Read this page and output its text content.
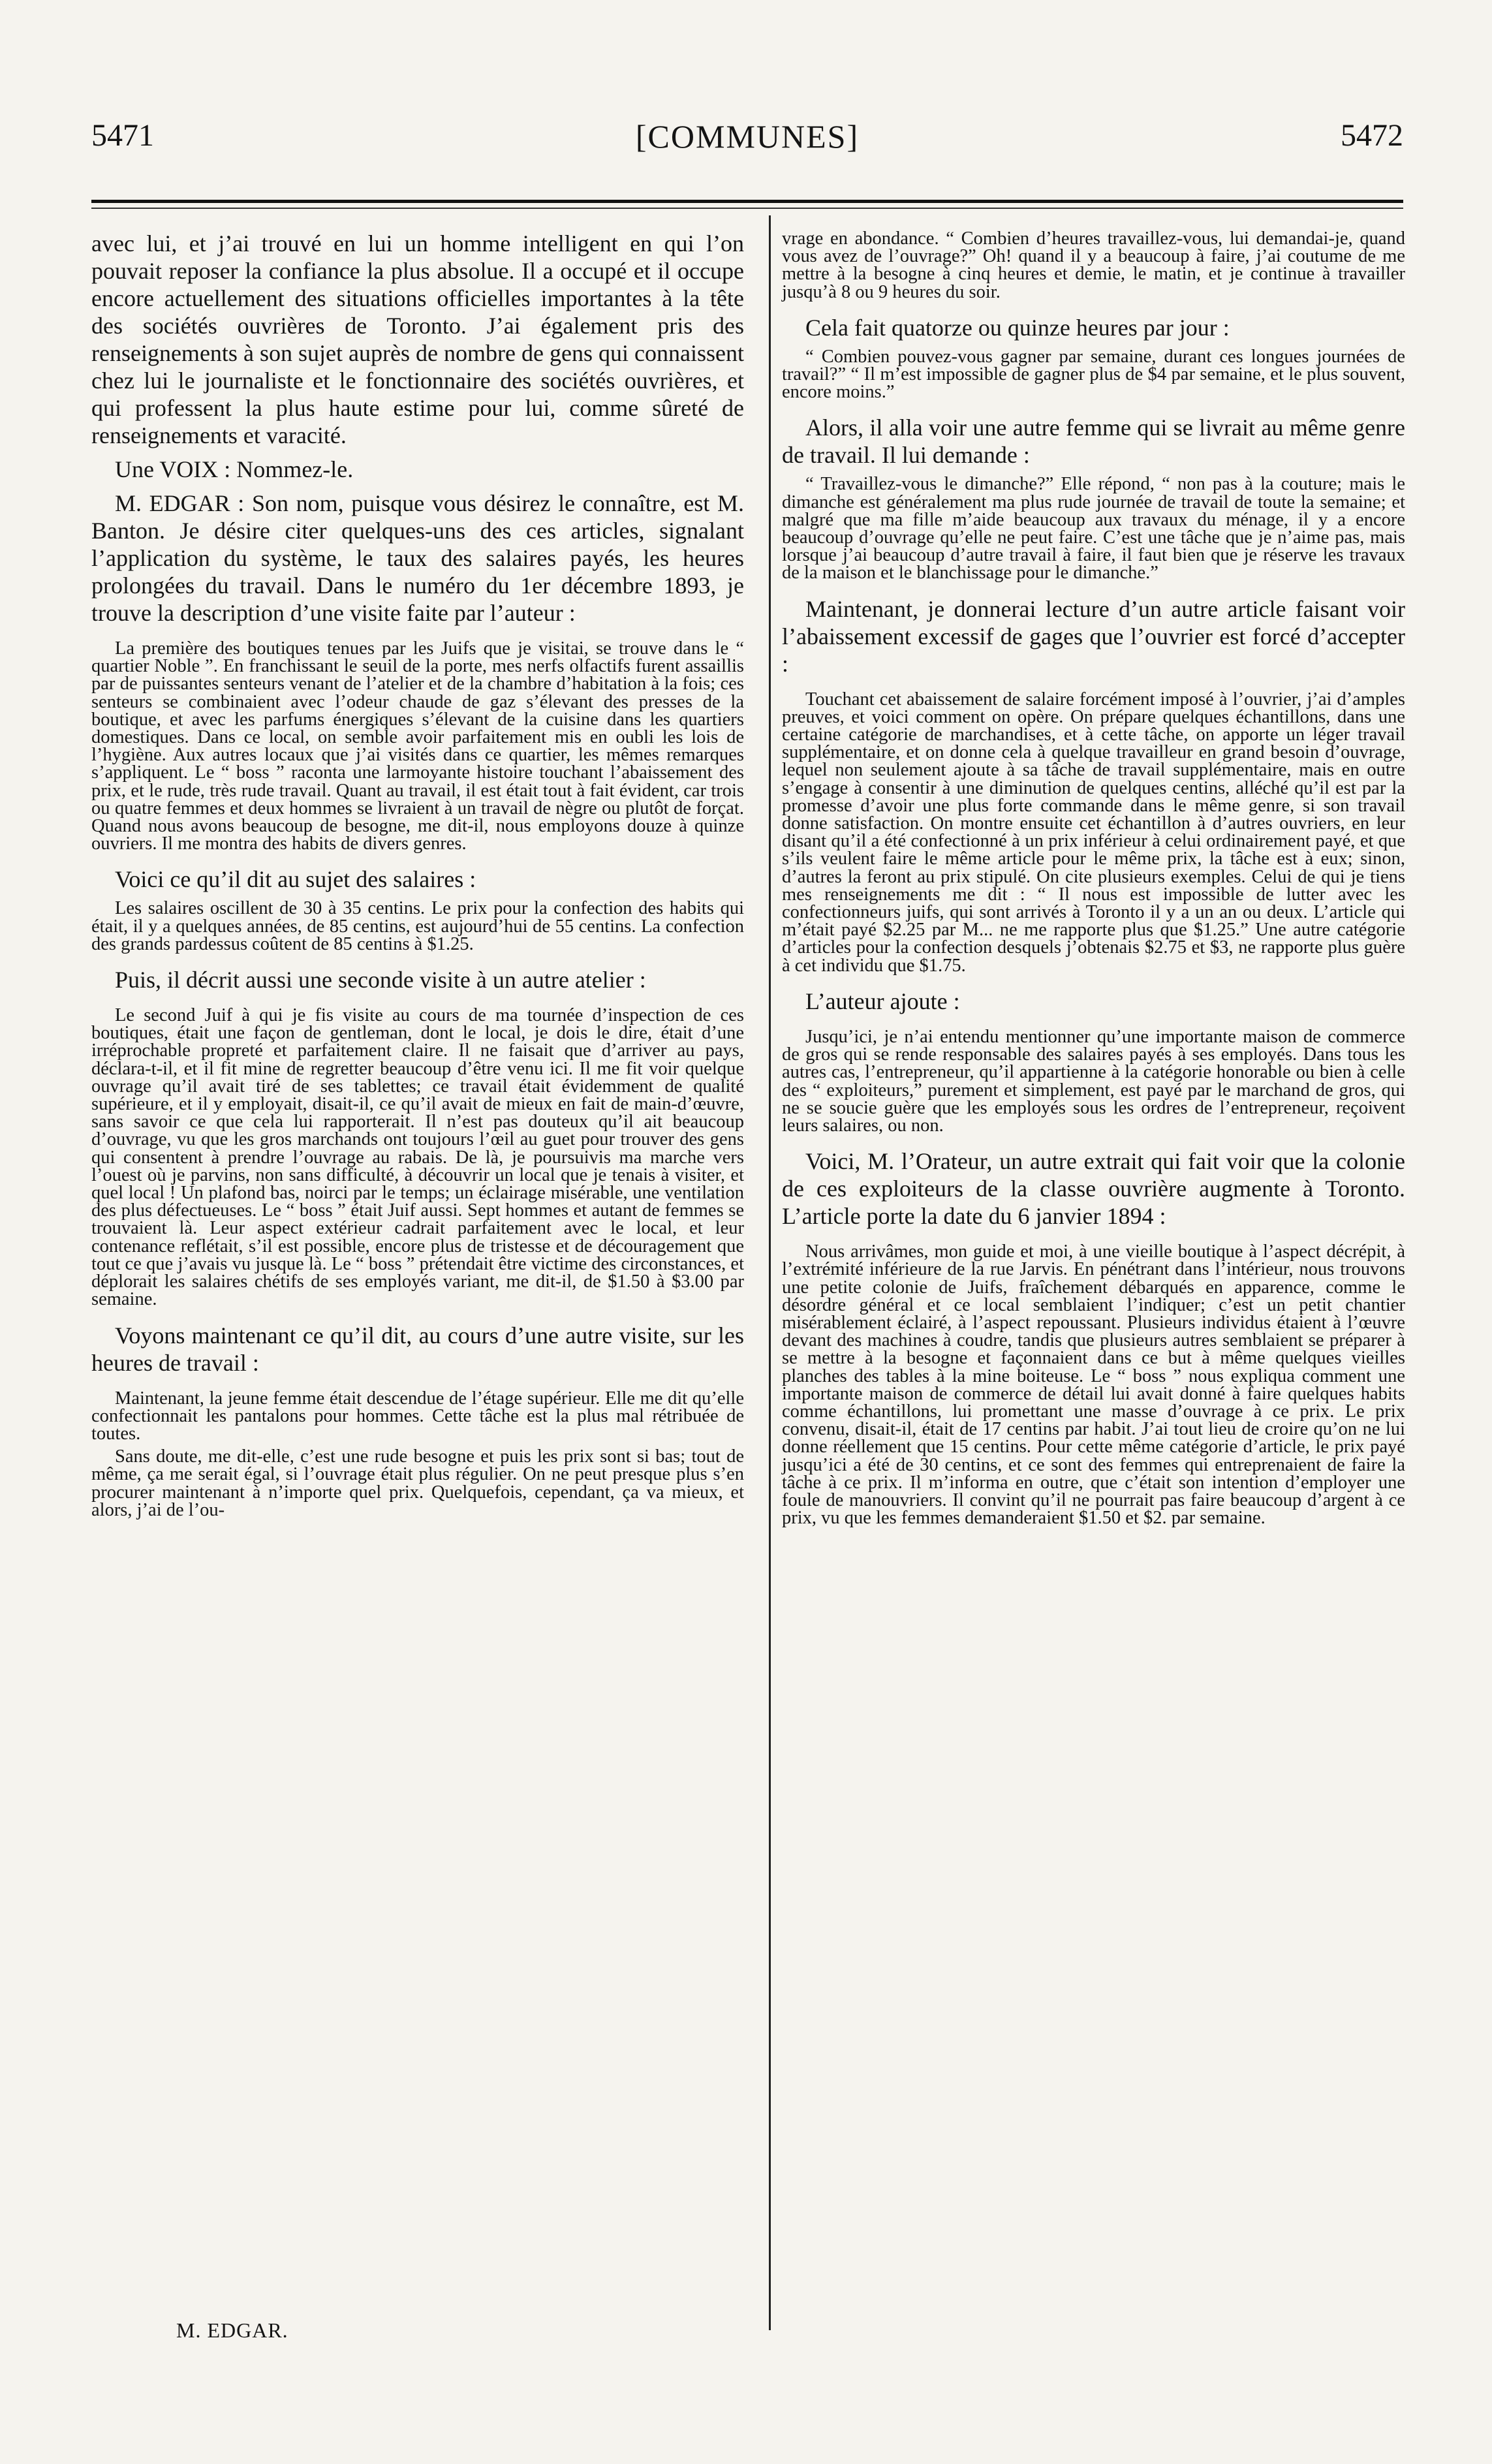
[COMMUNES]
5471	5472

avec lui, et j’ai trouvé en lui un homme intelligent en qui l’on pouvait reposer la confiance la plus absolue. Il a occupé et il occupe encore actuellement des situations officielles importantes à la tête des sociétés ouvrières de Toronto. J’ai également pris des renseignements à son sujet auprès de nombre de gens qui connaissent chez lui le journaliste et le fonctionnaire des sociétés ouvrières, et qui professent la plus haute estime pour lui, comme sûreté de renseignements et varacité.

Une VOIX : Nommez-le.

M. EDGAR : Son nom, puisque vous désirez le connaître, est M. Banton. Je désire citer quelques-uns des ces articles, signalant l’application du système, le taux des salaires payés, les heures prolongées du travail. Dans le numéro du 1er décembre 1893, je trouve la description d’une visite faite par l’auteur :

La première des boutiques tenues par les Juifs que je visitai, se trouve dans le “ quartier Noble ”. En franchissant le seuil de la porte, mes nerfs olfactifs furent assaillis par de puissantes senteurs venant de l’atelier et de la chambre d’habitation à la fois; ces senteurs se combinaient avec l’odeur chaude de gaz s’élevant des presses de la boutique, et avec les parfums énergiques s’élevant de la cuisine dans les quartiers domestiques. Dans ce local, on semble avoir parfaitement mis en oubli les lois de l’hygiène. Aux autres locaux que j’ai visités dans ce quartier, les mêmes remarques s’appliquent. Le “ boss ” raconta une larmoyante histoire touchant l’abaissement des prix, et le rude, très rude travail. Quant au travail, il est était tout à fait évident, car trois ou quatre femmes et deux hommes se livraient à un travail de nègre ou plutôt de forçat. Quand nous avons beaucoup de besogne, me dit-il, nous employons douze à quinze ouvriers. Il me montra des habits de divers genres.

Voici ce qu’il dit au sujet des salaires :

Les salaires oscillent de 30 à 35 centins. Le prix pour la confection des habits qui était, il y a quelques années, de 85 centins, est aujourd’hui de 55 centins. La confection des grands pardessus coûtent de 85 centins à $1.25.

Puis, il décrit aussi une seconde visite à un autre atelier :

Le second Juif à qui je fis visite au cours de ma tournée d’inspection de ces boutiques, était une façon de gentleman, dont le local, je dois le dire, était d’une irréprochable propreté et parfaitement claire. Il ne faisait que d’arriver au pays, déclara-t-il, et il fit mine de regretter beaucoup d’être venu ici. Il me fit voir quelque ouvrage qu’il avait tiré de ses tablettes; ce travail était évidemment de qualité supérieure, et il y employait, disait-il, ce qu’il avait de mieux en fait de main-d’œuvre, sans savoir ce que cela lui rapporterait. Il n’est pas douteux qu’il ait beaucoup d’ouvrage, vu que les gros marchands ont toujours l’œil au guet pour trouver des gens qui consentent à prendre l’ouvrage au rabais. De là, je poursuivis ma marche vers l’ouest où je parvins, non sans difficulté, à découvrir un local que je tenais à visiter, et quel local ! Un plafond bas, noirci par le temps; un éclairage misérable, une ventilation des plus défectueuses. Le “ boss ” était Juif aussi. Sept hommes et autant de femmes se trouvaient là. Leur aspect extérieur cadrait parfaitement avec le local, et leur contenance reflétait, s’il est possible, encore plus de tristesse et de découragement que tout ce que j’avais vu jusque là. Le “ boss ” prétendait être victime des circonstances, et déplorait les salaires chétifs de ses employés variant, me dit-il, de $1.50 à $3.00 par semaine.

Voyons maintenant ce qu’il dit, au cours d’une autre visite, sur les heures de travail :

Maintenant, la jeune femme était descendue de l’étage supérieur. Elle me dit qu’elle confectionnait les pantalons pour hommes. Cette tâche est la plus mal rétribuée de toutes.

Sans doute, me dit-elle, c’est une rude besogne et puis les prix sont si bas; tout de même, ça me serait égal, si l’ouvrage était plus régulier. On ne peut presque plus s’en procurer maintenant à n’importe quel prix. Quelquefois, cependant, ça va mieux, et alors, j’ai de l’ou-

M. EDGAR.

vrage en abondance. “ Combien d’heures travaillez-vous, lui demandai-je, quand vous avez de l’ouvrage?” Oh! quand il y a beaucoup à faire, j’ai coutume de me mettre à la besogne à cinq heures et demie, le matin, et je continue à travailler jusqu’à 8 ou 9 heures du soir.

Cela fait quatorze ou quinze heures par jour :

“ Combien pouvez-vous gagner par semaine, durant ces longues journées de travail?” “ Il m’est impossible de gagner plus de $4 par semaine, et le plus souvent, encore moins.”

Alors, il alla voir une autre femme qui se livrait au même genre de travail. Il lui demande :

“ Travaillez-vous le dimanche?” Elle répond, “ non pas à la couture; mais le dimanche est généralement ma plus rude journée de travail de toute la semaine; et malgré que ma fille m’aide beaucoup aux travaux du ménage, il y a encore beaucoup d’ouvrage qu’elle ne peut faire. C’est une tâche que je n’aime pas, mais lorsque j’ai beaucoup d’autre travail à faire, il faut bien que je réserve les travaux de la maison et le blanchissage pour le dimanche.”

Maintenant, je donnerai lecture d’un autre article faisant voir l’abaissement excessif de gages que l’ouvrier est forcé d’accepter :

Touchant cet abaissement de salaire forcément imposé à l’ouvrier, j’ai d’amples preuves, et voici comment on opère. On prépare quelques échantillons, dans une certaine catégorie de marchandises, et à cette tâche, on apporte un léger travail supplémentaire, et on donne cela à quelque travailleur en grand besoin d’ouvrage, lequel non seulement ajoute à sa tâche de travail supplémentaire, mais en outre s’engage à consentir à une diminution de quelques centins, alléché qu’il est par la promesse d’avoir une plus forte commande dans le même genre, si son travail donne satisfaction. On montre ensuite cet échantillon à d’autres ouvriers, en leur disant qu’il a été confectionné à un prix inférieur à celui ordinairement payé, et que s’ils veulent faire le même article pour le même prix, la tâche est à eux; sinon, d’autres la feront au prix stipulé. On cite plusieurs exemples. Celui de qui je tiens mes renseignements me dit : “ Il nous est impossible de lutter avec les confectionneurs juifs, qui sont arrivés à Toronto il y a un an ou deux. L’article qui m’était payé $2.25 par M... ne me rapporte plus que $1.25.” Une autre catégorie d’articles pour la confection desquels j’obtenais $2.75 et $3, ne rapporte plus guère à cet individu que $1.75.

L’auteur ajoute :

Jusqu’ici, je n’ai entendu mentionner qu’une importante maison de commerce de gros qui se rende responsable des salaires payés à ses employés. Dans tous les autres cas, l’entrepreneur, qu’il appartienne à la catégorie honorable ou bien à celle des “ exploiteurs,” purement et simplement, est payé par le marchand de gros, qui ne se soucie guère que les employés sous les ordres de l’entrepreneur, reçoivent leurs salaires, ou non.

Voici, M. l’Orateur, un autre extrait qui fait voir que la colonie de ces exploiteurs de la classe ouvrière augmente à Toronto. L’article porte la date du 6 janvier 1894 :

Nous arrivâmes, mon guide et moi, à une vieille boutique à l’aspect décrépit, à l’extrémité inférieure de la rue Jarvis. En pénétrant dans l’intérieur, nous trouvons une petite colonie de Juifs, fraîchement débarqués en apparence, comme le désordre général et ce local semblaient l’indiquer; c’est un petit chantier misérablement éclairé, à l’aspect repoussant. Plusieurs individus étaient à l’œuvre devant des machines à coudre, tandis que plusieurs autres semblaient se préparer à se mettre à la besogne et façonnaient dans ce but à même quelques vieilles planches des tables à la mine boiteuse. Le “ boss ” nous expliqua comment une importante maison de commerce de détail lui avait donné à faire quelques habits comme échantillons, lui promettant une masse d’ouvrage à ce prix. Le prix convenu, disait-il, était de 17 centins par habit. J’ai tout lieu de croire qu’on ne lui donne réellement que 15 centins. Pour cette même catégorie d’article, le prix payé jusqu’ici a été de 30 centins, et ce sont des femmes qui entreprenaient de faire la tâche à ce prix. Il m’informa en outre, que c’était son intention d’employer une foule de manouvriers. Il convint qu’il ne pourrait pas faire beaucoup d’argent à ce prix, vu que les femmes demanderaient $1.50 et $2. par semaine.
